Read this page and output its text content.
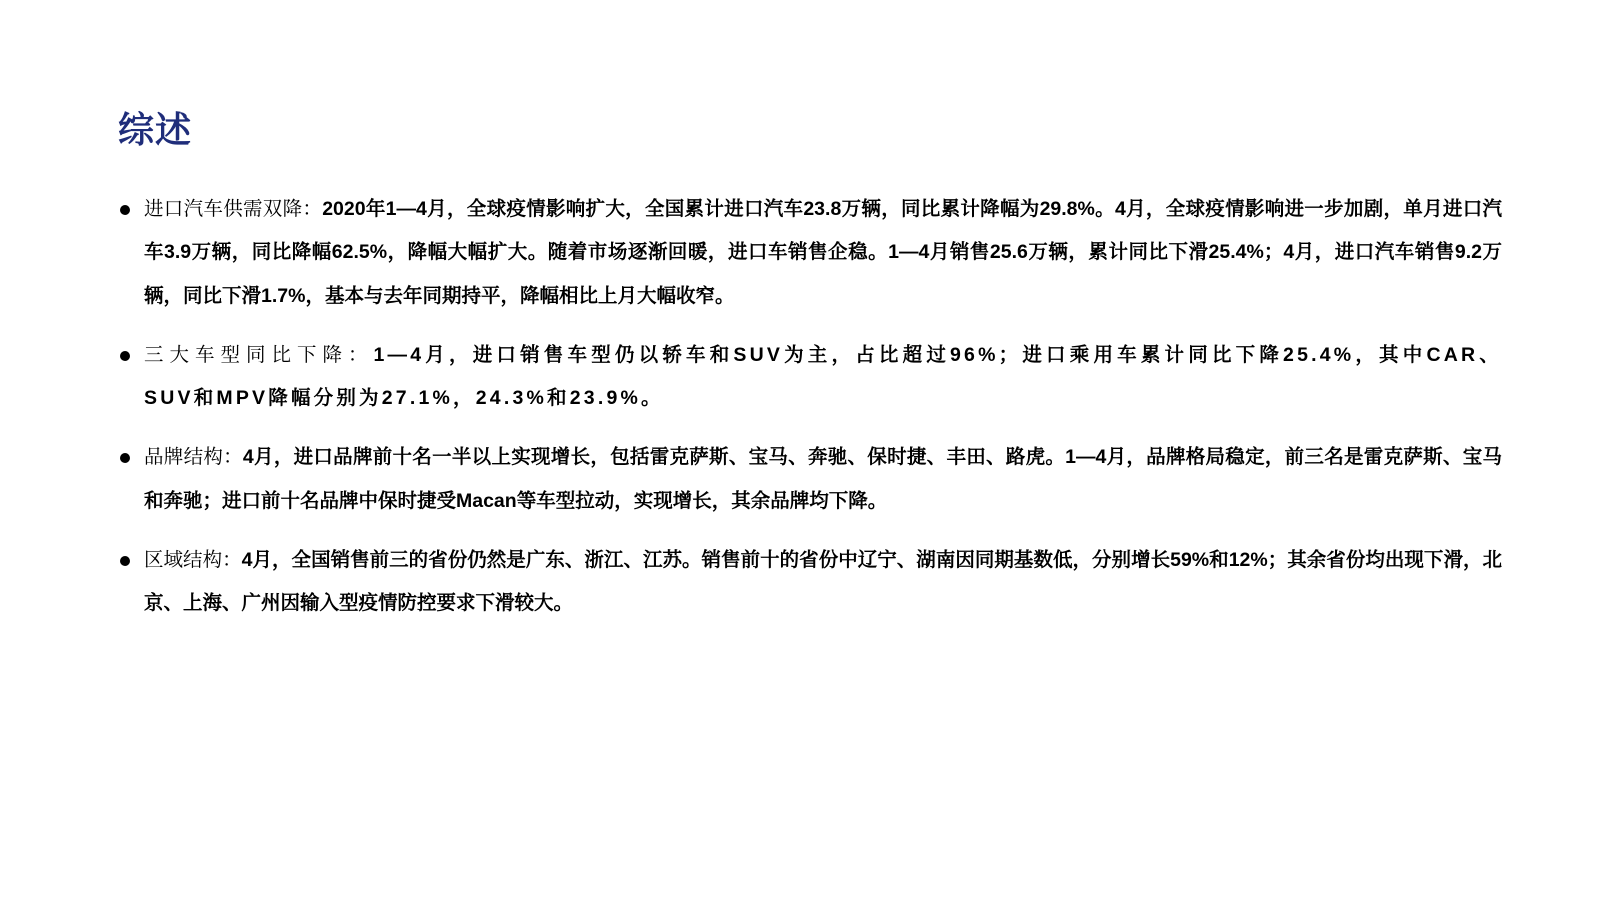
综述
进口汽车供需双降：2020年1—4月，全球疫情影响扩大，全国累计进口汽车23.8万辆，同比累计降幅为29.8%。4月，全球疫情影响进一步加剧，单月进口汽车3.9万辆，同比降幅62.5%，降幅大幅扩大。随着市场逐渐回暖，进口车销售企稳。1—4月销售25.6万辆，累计同比下滑25.4%；4月，进口汽车销售9.2万辆，同比下滑1.7%，基本与去年同期持平，降幅相比上月大幅收窄。
三大车型同比下降：1—4月，进口销售车型仍以轿车和SUV为主，占比超过96%；进口乘用车累计同比下降25.4%，其中CAR、SUV和MPV降幅分别为27.1%，24.3%和23.9%。
品牌结构：4月，进口品牌前十名一半以上实现增长，包括雷克萨斯、宝马、奔驰、保时捷、丰田、路虎。1—4月，品牌格局稳定，前三名是雷克萨斯、宝马和奔驰；进口前十名品牌中保时捷受Macan等车型拉动，实现增长，其余品牌均下降。
区域结构：4月，全国销售前三的省份仍然是广东、浙江、江苏。销售前十的省份中辽宁、湖南因同期基数低，分别增长59%和12%；其余省份均出现下滑，北京、上海、广州因输入型疫情防控要求下滑较大。
